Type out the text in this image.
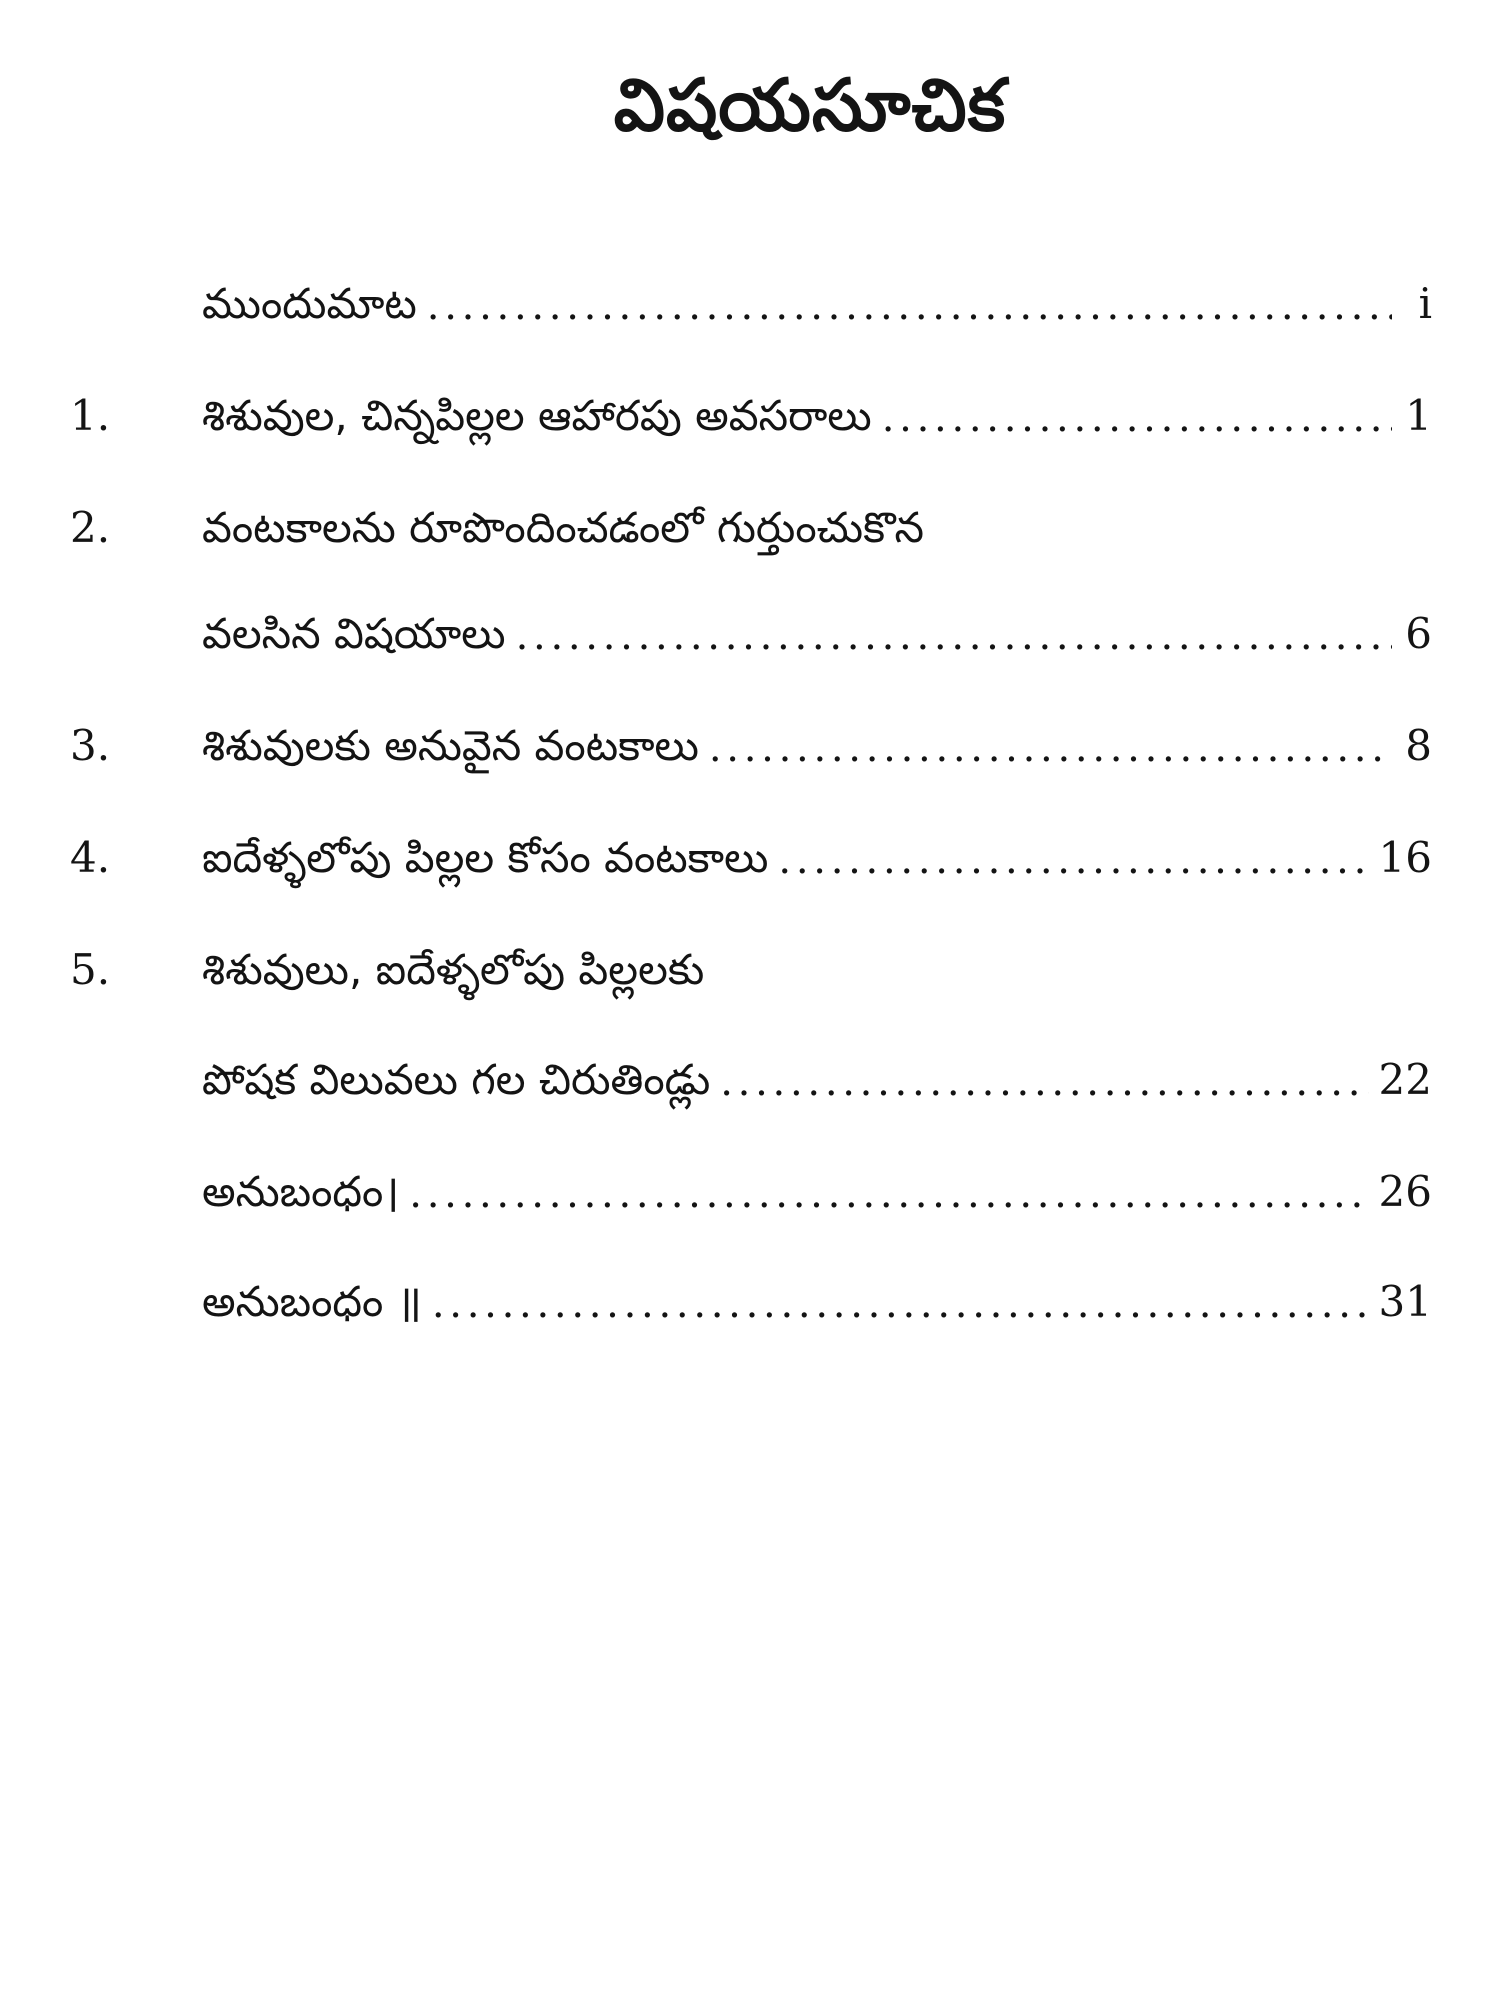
విషయసూచిక
ముందుమాట . . .	i
1.	శిశువుల, చిన్నపిల్లల ఆహారపు అవసరాలు . . .	1
2.	వంటకాలను రూపొందించడంలో గుర్తుంచుకొన
వలసిన విషయాలు . . .	6
3.	శిశువులకు అనువైన వంటకాలు . . .	8
4.	ఐదేళ్ళలోపు పిల్లల కోసం వంటకాలు . . .	16
5.	శిశువులు, ఐదేళ్ళలోపు పిల్లలకు
పోషక విలువలు గల చిరుతిండ్లు . . .	22
అనుబంధం। . . .	26
అనుబంధం ॥ . . .	31
